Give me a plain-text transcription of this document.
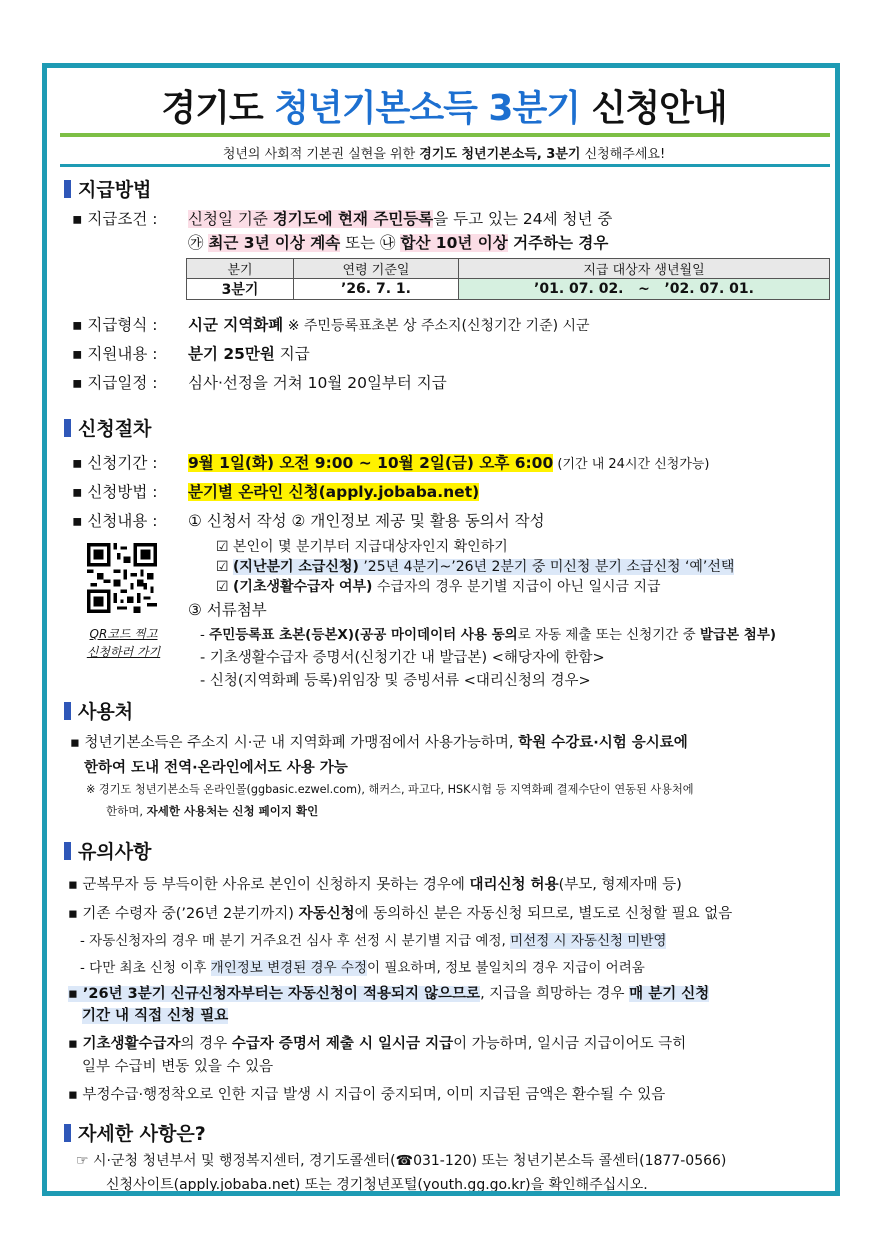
경기도 청년기본소득 3분기 신청안내
청년의 사회적 기본권 실현을 위한 경기도 청년기본소득, 3분기 신청해주세요!
지급방법
▪ 지급조건 : 신청일 기준 경기도에 현재 주민등록을 두고 있는 24세 청년 중
㉮ 최근 3년 이상 계속 또는 ㉯ 합산 10년 이상 거주하는 경우
분기	연령 기준일	지급 대상자 생년월일
3분기	’26. 7. 1.	’01. 07. 02.   ~   ’02. 07. 01.
▪ 지급형식 : 시군 지역화폐 ※ 주민등록표초본 상 주소지(신청기간 기준) 시군
▪ 지원내용 : 분기 25만원 지급
▪ 지급일정 : 심사·선정을 거쳐 10월 20일부터 지급
신청절차
▪ 신청기간 : 9월 1일(화) 오전 9:00 ~ 10월 2일(금) 오후 6:00 (기간 내 24시간 신청가능)
▪ 신청방법 : 분기별 온라인 신청(apply.jobaba.net)
▪ 신청내용 : ① 신청서 작성 ② 개인정보 제공 및 활용 동의서 작성
☑ 본인이 몇 분기부터 지급대상자인지 확인하기
☑ (지난분기 소급신청) ’25년 4분기~’26년 2분기 중 미신청 분기 소급신청 ‘예’선택
☑ (기초생활수급자 여부) 수급자의 경우 분기별 지급이 아닌 일시금 지급
QR코드 찍고
신청하러 가기
③ 서류첨부
- 주민등록표 초본(등본X)(공공 마이데이터 사용 동의로 자동 제출 또는 신청기간 중 발급본 첨부)
- 기초생활수급자 증명서(신청기간 내 발급본) <해당자에 한함>
- 신청(지역화폐 등록)위임장 및 증빙서류 <대리신청의 경우>
사용처
▪ 청년기본소득은 주소지 시·군 내 지역화폐 가맹점에서 사용가능하며, 학원 수강료·시험 응시료에
한하여 도내 전역·온라인에서도 사용 가능
※ 경기도 청년기본소득 온라인몰(ggbasic.ezwel.com), 해커스, 파고다, HSK시험 등 지역화폐 결제수단이 연동된 사용처에
한하며, 자세한 사용처는 신청 페이지 확인
유의사항
▪ 군복무자 등 부득이한 사유로 본인이 신청하지 못하는 경우에 대리신청 허용(부모, 형제자매 등)
▪ 기존 수령자 중(’26년 2분기까지) 자동신청에 동의하신 분은 자동신청 되므로, 별도로 신청할 필요 없음
- 자동신청자의 경우 매 분기 거주요건 심사 후 선정 시 분기별 지급 예정, 미선정 시 자동신청 미반영
- 다만 최초 신청 이후 개인정보 변경된 경우 수정이 필요하며, 정보 불일치의 경우 지급이 어려움
▪ ’26년 3분기 신규신청자부터는 자동신청이 적용되지 않으므로, 지급을 희망하는 경우 매 분기 신청
기간 내 직접 신청 필요
▪ 기초생활수급자의 경우 수급자 증명서 제출 시 일시금 지급이 가능하며, 일시금 지급이어도 극히
일부 수급비 변동 있을 수 있음
▪ 부정수급·행정착오로 인한 지급 발생 시 지급이 중지되며, 이미 지급된 금액은 환수될 수 있음
자세한 사항은?
☞ 시·군청 청년부서 및 행정복지센터, 경기도콜센터(☎031-120) 또는 청년기본소득 콜센터(1877-0566)
신청사이트(apply.jobaba.net) 또는 경기청년포털(youth.gg.go.kr)을 확인해주십시오.
